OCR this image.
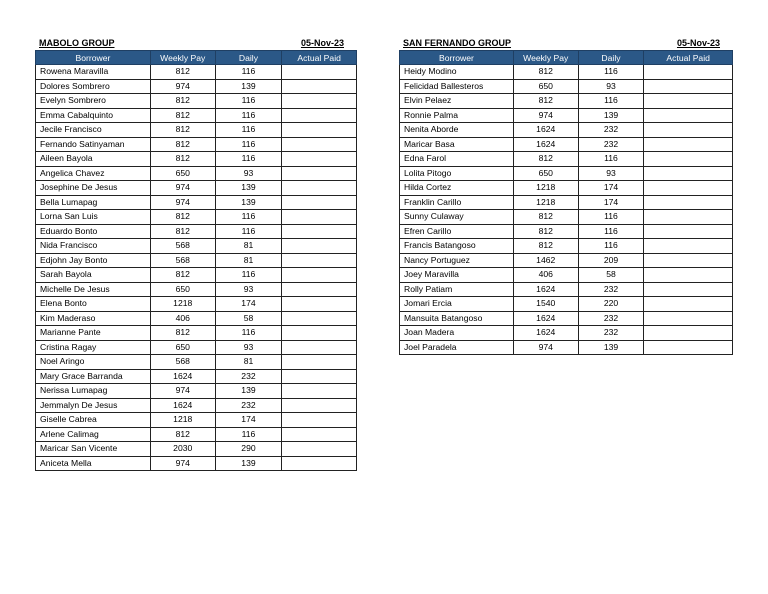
MABOLO GROUP	05-Nov-23
Borrower	Weekly Pay	Daily	Actual Paid
Rowena Maravilla	812	116	
Dolores Sombrero	974	139	
Evelyn Sombrero	812	116	
Emma Cabalquinto	812	116	
Jecile Francisco	812	116	
Fernando Satinyaman	812	116	
Aileen Bayola	812	116	
Angelica Chavez	650	93	
Josephine De Jesus	974	139	
Bella Lumapag	974	139	
Lorna San Luis	812	116	
Eduardo Bonto	812	116	
Nida Francisco	568	81	
Edjohn Jay Bonto	568	81	
Sarah Bayola	812	116	
Michelle De Jesus	650	93	
Elena Bonto	1218	174	
Kim Maderaso	406	58	
Marianne Pante	812	116	
Cristina Ragay	650	93	
Noel Aringo	568	81	
Mary Grace Barranda	1624	232	
Nerissa Lumapag	974	139	
Jemmalyn De Jesus	1624	232	
Giselle Cabrea	1218	174	
Arlene Calimag	812	116	
Maricar San Vicente	2030	290	
Aniceta Mella	974	139	
SAN FERNANDO GROUP	05-Nov-23
Borrower	Weekly Pay	Daily	Actual Paid
Heidy Modino	812	116	
Felicidad Ballesteros	650	93	
Elvin Pelaez	812	116	
Ronnie Palma	974	139	
Nenita Aborde	1624	232	
Maricar Basa	1624	232	
Edna Farol	812	116	
Lolita Pitogo	650	93	
Hilda Cortez	1218	174	
Franklin Carillo	1218	174	
Sunny Culaway	812	116	
Efren Carillo	812	116	
Francis Batangoso	812	116	
Nancy Portuguez	1462	209	
Joey Maravilla	406	58	
Rolly Patiam	1624	232	
Jomari Ercia	1540	220	
Mansuita Batangoso	1624	232	
Joan Madera	1624	232	
Joel Paradela	974	139	
